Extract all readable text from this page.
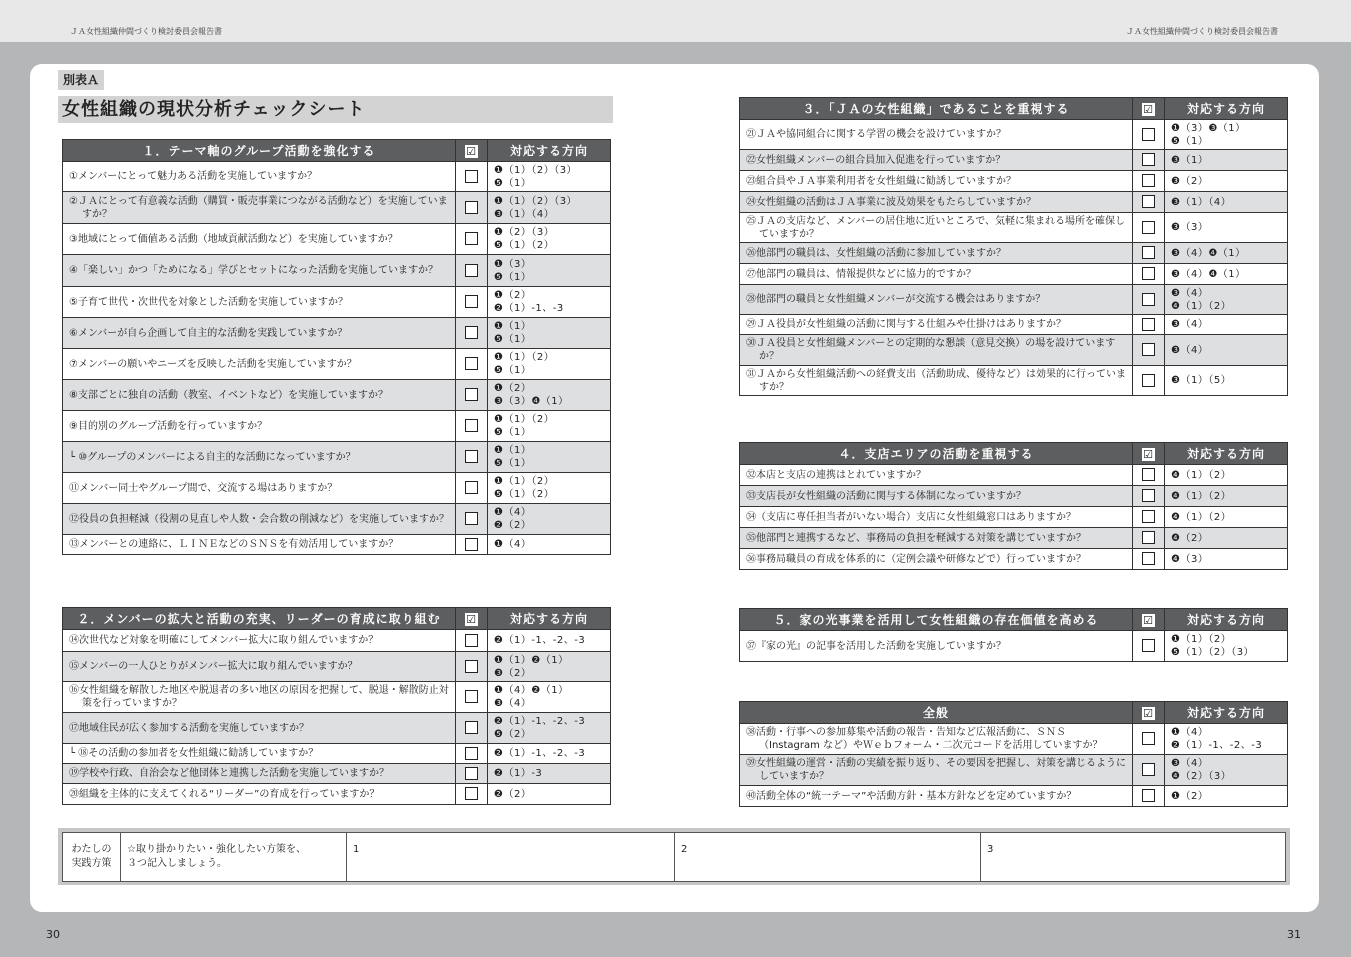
ＪＡ女性組織仲間づくり検討委員会報告書	ＪＡ女性組織仲間づくり検討委員会報告書
別表Ａ
女性組織の現状分析チェックシート
１．テーマ軸のグループ活動を強化する	☑	対応する方向

①メンバーにとって魅力ある活動を実施していますか？		❶（1）（2）（3）
❺（1）

②ＪＡにとって有意義な活動（購買・販売事業につながる活動など）を実施していますか？		❶（1）（2）（3）
❸（1）（4）

③地域にとって価値ある活動（地域貢献活動など）を実施していますか？		❶（2）（3）
❺（1）（2）

④「楽しい」かつ「ためになる」学びとセットになった活動を実施していますか？		❶（3）
❺（1）

⑤子育て世代・次世代を対象とした活動を実施していますか？		❶（2）
❷（1）-1、-3

⑥メンバーが自ら企画して自主的な活動を実践していますか？		❶（1）
❺（1）

⑦メンバーの願いやニーズを反映した活動を実施していますか？		❶（1）（2）
❺（1）

⑧支部ごとに独自の活動（教室、イベントなど）を実施していますか？		❶（2）
❸（3）❹（1）

⑨目的別のグループ活動を行っていますか？		❶（1）（2）
❺（1）

└ ⑩グループのメンバーによる自主的な活動になっていますか？		❶（1）
❺（1）

⑪メンバー同士やグループ間で、交流する場はありますか？		❶（1）（2）
❺（1）（2）

⑫役員の負担軽減（役割の見直しや人数・会合数の削減など）を実施していますか？		❶（4）
❷（2）

⑬メンバーとの連絡に、ＬＩＮＥなどのＳＮＳを有効活用していますか？		❶（4）
２．メンバーの拡大と活動の充実、リーダーの育成に取り組む	☑	対応する方向

⑭次世代など対象を明確にしてメンバー拡大に取り組んでいますか？		❷（1）-1、-2、-3

⑮メンバーの一人ひとりがメンバー拡大に取り組んでいますか？		❶（1）❷（1）
❸（2）

⑯女性組織を解散した地区や脱退者の多い地区の原因を把握して、脱退・解散防止対策を行っていますか？		❶（4）❷（1）
❸（4）

⑰地域住民が広く参加する活動を実施していますか？		❷（1）-1、-2、-3
❺（2）

└ ⑱その活動の参加者を女性組織に勧誘していますか？		❷（1）-1、-2、-3

⑲学校や行政、自治会など他団体と連携した活動を実施していますか？		❷（1）-3

⑳組織を主体的に支えてくれる“リーダー”の育成を行っていますか？		❷（2）
３．「ＪＡの女性組織」であることを重視する	☑	対応する方向

㉑ＪＡや協同組合に関する学習の機会を設けていますか？		❶（3）❸（1）
❺（1）

㉒女性組織メンバーの組合員加入促進を行っていますか？		❸（1）

㉓組合員やＪＡ事業利用者を女性組織に勧誘していますか？		❸（2）

㉔女性組織の活動はＪＡ事業に波及効果をもたらしていますか？		❸（1）（4）

㉕ＪＡの支店など、メンバーの居住地に近いところで、気軽に集まれる場所を確保していますか？		❸（3）

㉖他部門の職員は、女性組織の活動に参加していますか？		❸（4）❹（1）

㉗他部門の職員は、情報提供などに協力的ですか？		❸（4）❹（1）

㉘他部門の職員と女性組織メンバーが交流する機会はありますか？		❸（4）
❹（1）（2）

㉙ＪＡ役員が女性組織の活動に関与する仕組みや仕掛けはありますか？		❸（4）

㉚ＪＡ役員と女性組織メンバーとの定期的な懇談（意見交換）の場を設けていますか？		❸（4）

㉛ＪＡから女性組織活動への経費支出（活動助成、優待など）は効果的に行っていますか？		❸（1）（5）
４．支店エリアの活動を重視する	☑	対応する方向

㉜本店と支店の連携はとれていますか？		❹（1）（2）

㉝支店長が女性組織の活動に関与する体制になっていますか？		❹（1）（2）

㉞（支店に専任担当者がいない場合）支店に女性組織窓口はありますか？		❹（1）（2）

㉟他部門と連携するなど、事務局の負担を軽減する対策を講じていますか？		❹（2）

㊱事務局職員の育成を体系的に（定例会議や研修などで）行っていますか？		❹（3）
５．家の光事業を活用して女性組織の存在価値を高める	☑	対応する方向

㊲『家の光』の記事を活用した活動を実施していますか？		❶（1）（2）
❺（1）（2）（3）
全般	☑	対応する方向

㊳活動・行事への参加募集や活動の報告・告知など広報活動に、ＳＮＳ（Instagram など）やＷｅｂフォーム・二次元コードを活用していますか？		❶（4）
❷（1）-1、-2、-3

㊴女性組織の運営・活動の実績を振り返り、その要因を把握し、対策を講じるようにしていますか？		❸（4）
❹（2）（3）

㊵活動全体の“統一テーマ”や活動方針・基本方針などを定めていますか？		❶（2）
わたしの
実践方策	☆取り掛かりたい・強化したい方策を、
３つ記入しましょう。	1	2	3
30	31
